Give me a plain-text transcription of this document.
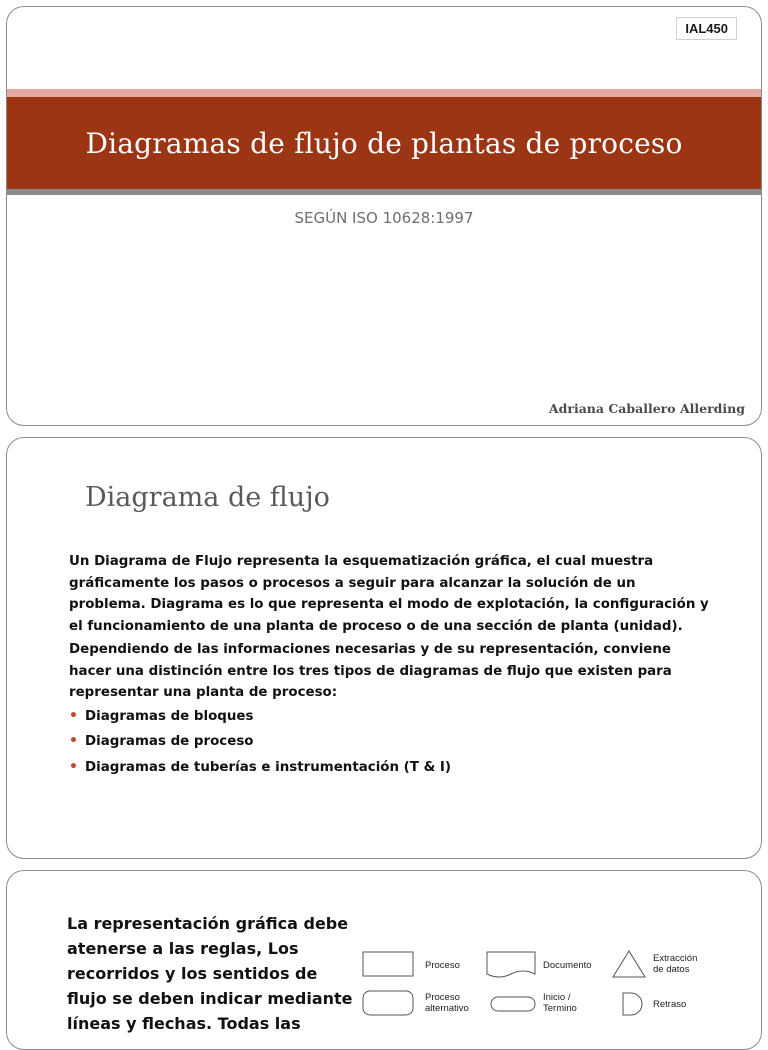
IAL450
Diagramas de flujo de plantas de proceso
SEGÚN ISO 10628:1997
Adriana Caballero Allerding
Diagrama de flujo

Un Diagrama de Flujo representa la esquematización gráfica, el cual muestra gráficamente los pasos o procesos a seguir para alcanzar la solución de un problema. Diagrama es lo que representa el modo de explotación, la configuración y el funcionamiento de una planta de proceso o de una sección de planta (unidad).

Dependiendo de las informaciones necesarias y de su representación, conviene hacer una distinción entre los tres tipos de diagramas de flujo que existen para representar una planta de proceso:

• Diagramas de bloques
• Diagramas de proceso
• Diagramas de tuberías e instrumentación (T & I)
La representación gráfica debe atenerse a las reglas, Los recorridos y los sentidos de flujo se deben indicar mediante líneas y flechas. Todas las
Proceso	Documento
Extracción
de datos
Proceso
alternativo
Inicio /
Termino	Retraso
